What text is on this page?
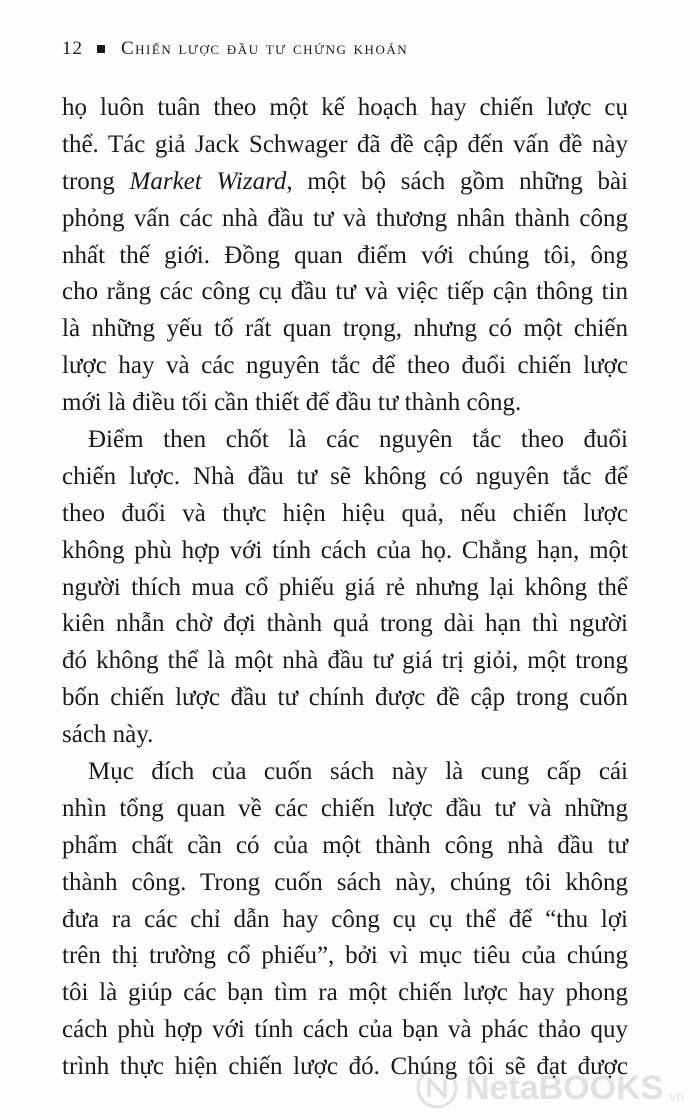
12 Chiến lược đầu tư chứng khoán
họ luôn tuân theo một kế hoạch hay chiến lược cụ
thể. Tác giả Jack Schwager đã đề cập đến vấn đề này
trong Market Wizard, một bộ sách gồm những bài
phỏng vấn các nhà đầu tư và thương nhân thành công
nhất thế giới. Đồng quan điểm với chúng tôi, ông
cho rằng các công cụ đầu tư và việc tiếp cận thông tin
là những yếu tố rất quan trọng, nhưng có một chiến
lược hay và các nguyên tắc để theo đuổi chiến lược
mới là điều tối cần thiết để đầu tư thành công.
Điểm then chốt là các nguyên tắc theo đuổi
chiến lược. Nhà đầu tư sẽ không có nguyên tắc để
theo đuổi và thực hiện hiệu quả, nếu chiến lược
không phù hợp với tính cách của họ. Chẳng hạn, một
người thích mua cổ phiếu giá rẻ nhưng lại không thể
kiên nhẫn chờ đợi thành quả trong dài hạn thì người
đó không thể là một nhà đầu tư giá trị giỏi, một trong
bốn chiến lược đầu tư chính được đề cập trong cuốn
sách này.
Mục đích của cuốn sách này là cung cấp cái
nhìn tổng quan về các chiến lược đầu tư và những
phẩm chất cần có của một thành công nhà đầu tư
thành công. Trong cuốn sách này, chúng tôi không
đưa ra các chỉ dẫn hay công cụ cụ thể để “thu lợi
trên thị trường cổ phiếu”, bởi vì mục tiêu của chúng
tôi là giúp các bạn tìm ra một chiến lược hay phong
cách phù hợp với tính cách của bạn và phác thảo quy
trình thực hiện chiến lược đó. Chúng tôi sẽ đạt được
NetaBOOKS .vn
